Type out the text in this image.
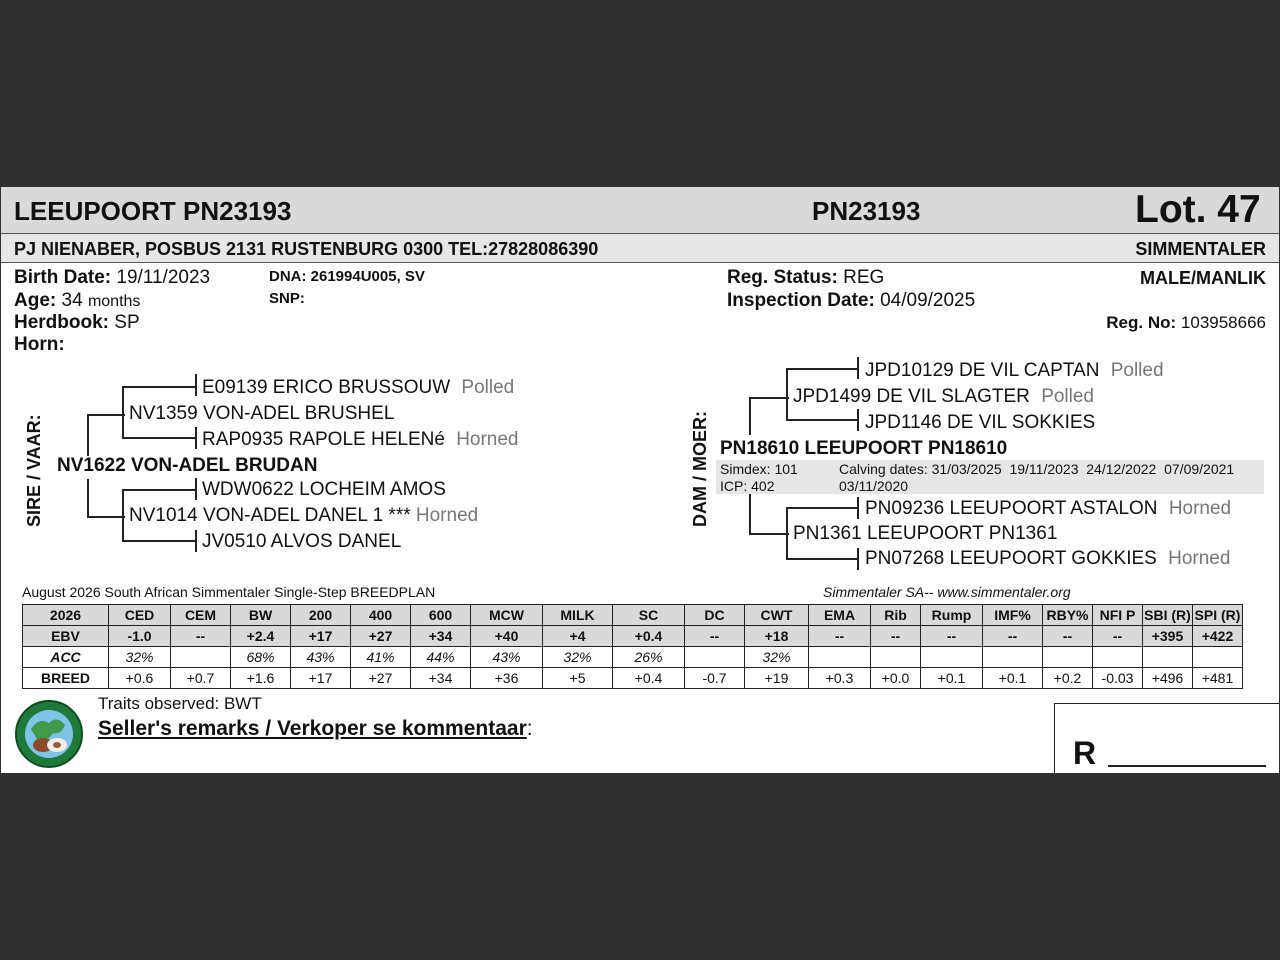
LEEUPOORT PN23193	PN23193	Lot. 47
PJ NIENABER, POSBUS 2131 RUSTENBURG 0300 TEL:27828086390	SIMMENTALER
Birth Date: 19/11/2023
Age: 34 months
Herdbook: SP
Horn:
DNA: 261994U005, SV
SNP:
Reg. Status: REG
Inspection Date: 04/09/2025
MALE/MANLIK
Reg. No: 103958666
SIRE / VAAR:
E09139 ERICO BRUSSOUW Polled
NV1359 VON-ADEL BRUSHEL
RAP0935 RAPOLE HELENé Horned
NV1622 VON-ADEL BRUDAN
WDW0622 LOCHEIM AMOS
NV1014 VON-ADEL DANEL 1 *** Horned
JV0510 ALVOS DANEL
DAM / MOER:
JPD10129 DE VIL CAPTAN Polled
JPD1499 DE VIL SLAGTER Polled
JPD1146 DE VIL SOKKIES
PN18610 LEEUPOORT PN18610
Simdex: 101
ICP: 402
Calving dates: 31/03/2025  19/11/2023  24/12/2022  07/09/2021
03/11/2020
PN09236 LEEUPOORT ASTALON Horned
PN1361 LEEUPOORT PN1361
PN07268 LEEUPOORT GOKKIES Horned
August 2026 South African Simmentaler Single-Step BREEDPLAN	Simmentaler SA-- www.simmentaler.org
2026	CED	CEM	BW	200	400	600	MCW	MILK	SC	DC	CWT	EMA	Rib	Rump	IMF%	RBY%	NFI P	SBI (R)	SPI (R)
EBV	-1.0	--	+2.4	+17	+27	+34	+40	+4	+0.4	--	+18	--	--	--	--	--	--	+395	+422
ACC	32%		68%	43%	41%	44%	43%	32%	26%		32%								
BREED	+0.6	+0.7	+1.6	+17	+27	+34	+36	+5	+0.4	-0.7	+19	+0.3	+0.0	+0.1	+0.1	+0.2	-0.03	+496	+481
Traits observed: BWT
Seller's remarks / Verkoper se kommentaar:
R
